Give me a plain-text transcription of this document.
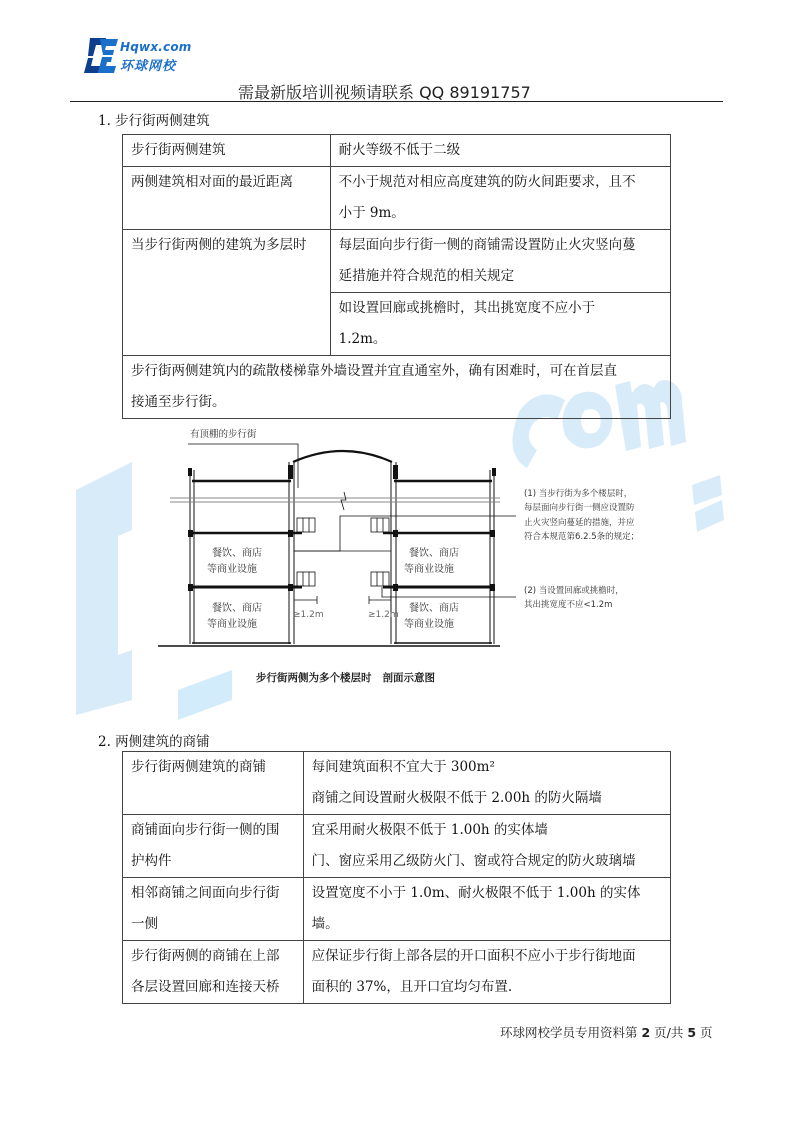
Hqwx.com
环球网校
需最新版培训视频请联系 QQ 89191757
1. 步行街两侧建筑
步行街两侧建筑	耐火等级不低于二级

两侧建筑相对面的最近距离	不小于规范对相应高度建筑的防火间距要求，且不
小于 9m。

当步行街两侧的建筑为多层时	每层面向步行街一侧的商铺需设置防止火灾竖向蔓
延措施并符合规范的相关规定

	如设置回廊或挑檐时，其出挑宽度不应小于
1.2m。

步行街两侧建筑内的疏散楼梯靠外墙设置并宜直通室外，确有困难时，可在首层直
接通至步行街。	
有顶棚的步行街
餐饮、商店
等商业设施
餐饮、商店
等商业设施
餐饮、商店
等商业设施
餐饮、商店
等商业设施
≥1.2m	≥1.2m
(1) 当步行街为多个楼层时，
每层面向步行街一侧应设置防
止火灾竖向蔓延的措施，并应
符合本规范第6.2.5条的规定；
(2) 当设置回廊或挑檐时，
其出挑宽度不应<1.2m
步行街两侧为多个楼层时   剖面示意图
2. 两侧建筑的商铺
步行街两侧建筑的商铺	每间建筑面积不宜大于 300m²
商铺之间设置耐火极限不低于 2.00h 的防火隔墙

商铺面向步行街一侧的围
护构件	宜采用耐火极限不低于 1.00h 的实体墙
门、窗应采用乙级防火门、窗或符合规定的防火玻璃墙

相邻商铺之间面向步行街
一侧	设置宽度不小于 1.0m、耐火极限不低于 1.00h 的实体
墙。

步行街两侧的商铺在上部
各层设置回廊和连接天桥	应保证步行街上部各层的开口面积不应小于步行街地面
面积的 37%，且开口宜均匀布置.
环球网校学员专用资料第 2 页/共 5 页
